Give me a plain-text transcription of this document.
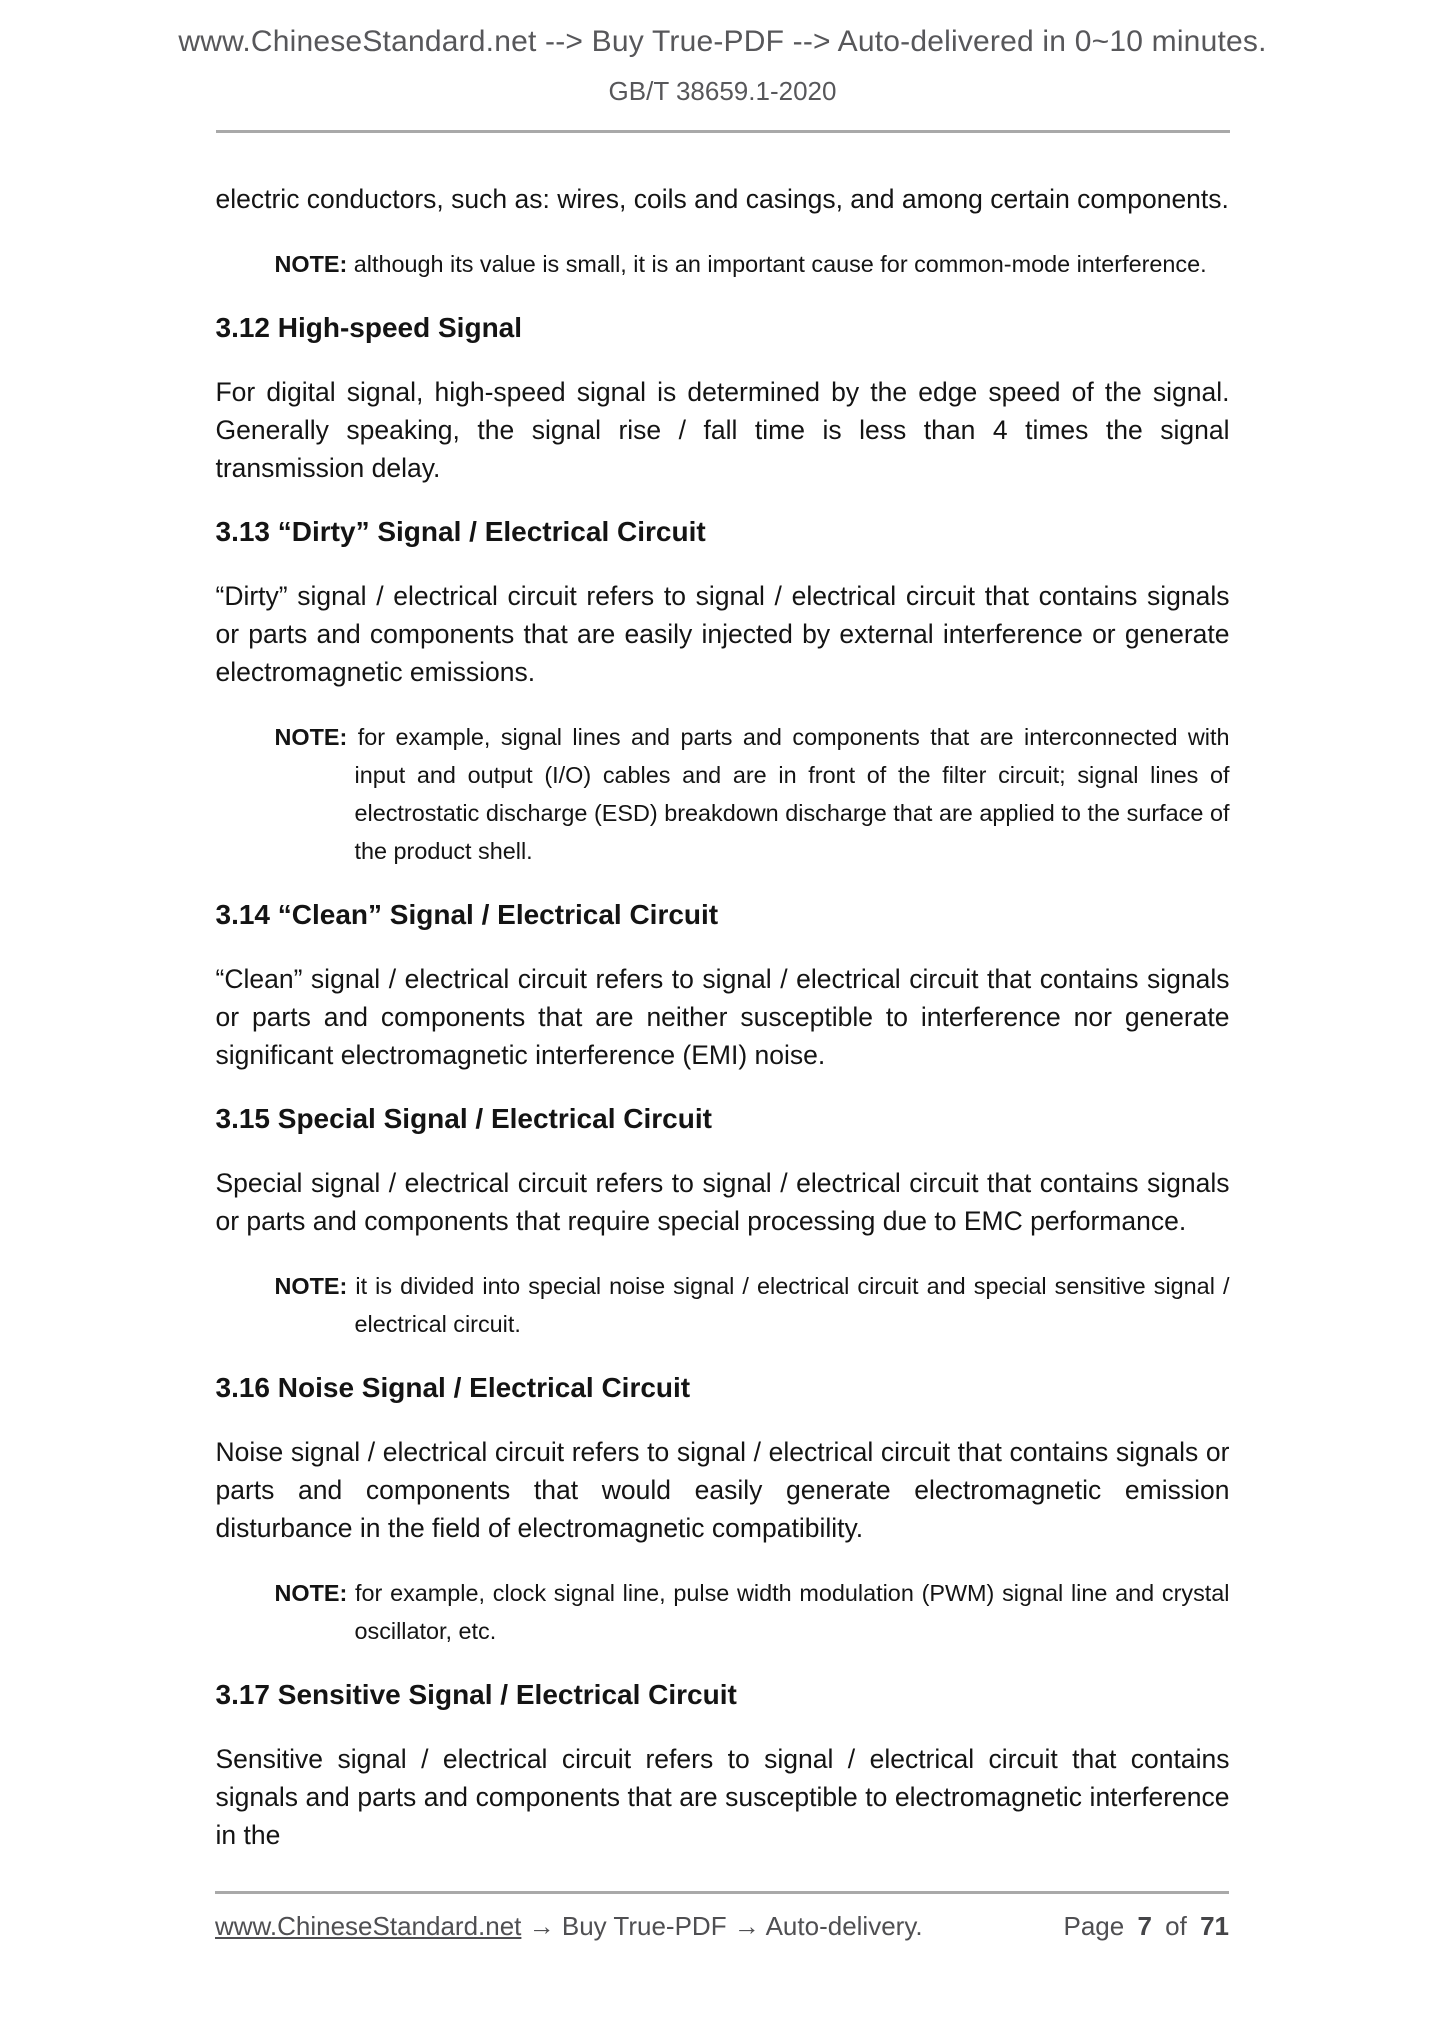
www.ChineseStandard.net --> Buy True-PDF --> Auto-delivered in 0~10 minutes.
GB/T 38659.1-2020

electric conductors, such as: wires, coils and casings, and among certain components.

NOTE: although its value is small, it is an important cause for common-mode interference.

3.12 High-speed Signal

For digital signal, high-speed signal is determined by the edge speed of the signal. Generally speaking, the signal rise / fall time is less than 4 times the signal transmission delay.

3.13 “Dirty” Signal / Electrical Circuit

“Dirty” signal / electrical circuit refers to signal / electrical circuit that contains signals or parts and components that are easily injected by external interference or generate electromagnetic emissions.

NOTE: for example, signal lines and parts and components that are interconnected with input and output (I/O) cables and are in front of the filter circuit; signal lines of electrostatic discharge (ESD) breakdown discharge that are applied to the surface of the product shell.

3.14 “Clean” Signal / Electrical Circuit

“Clean” signal / electrical circuit refers to signal / electrical circuit that contains signals or parts and components that are neither susceptible to interference nor generate significant electromagnetic interference (EMI) noise.

3.15 Special Signal / Electrical Circuit

Special signal / electrical circuit refers to signal / electrical circuit that contains signals or parts and components that require special processing due to EMC performance.

NOTE: it is divided into special noise signal / electrical circuit and special sensitive signal / electrical circuit.

3.16 Noise Signal / Electrical Circuit

Noise signal / electrical circuit refers to signal / electrical circuit that contains signals or parts and components that would easily generate electromagnetic emission disturbance in the field of electromagnetic compatibility.

NOTE: for example, clock signal line, pulse width modulation (PWM) signal line and crystal oscillator, etc.

3.17 Sensitive Signal / Electrical Circuit

Sensitive signal / electrical circuit refers to signal / electrical circuit that contains signals and parts and components that are susceptible to electromagnetic interference in the

www.ChineseStandard.net → Buy True-PDF → Auto-delivery.	Page 7 of 71
